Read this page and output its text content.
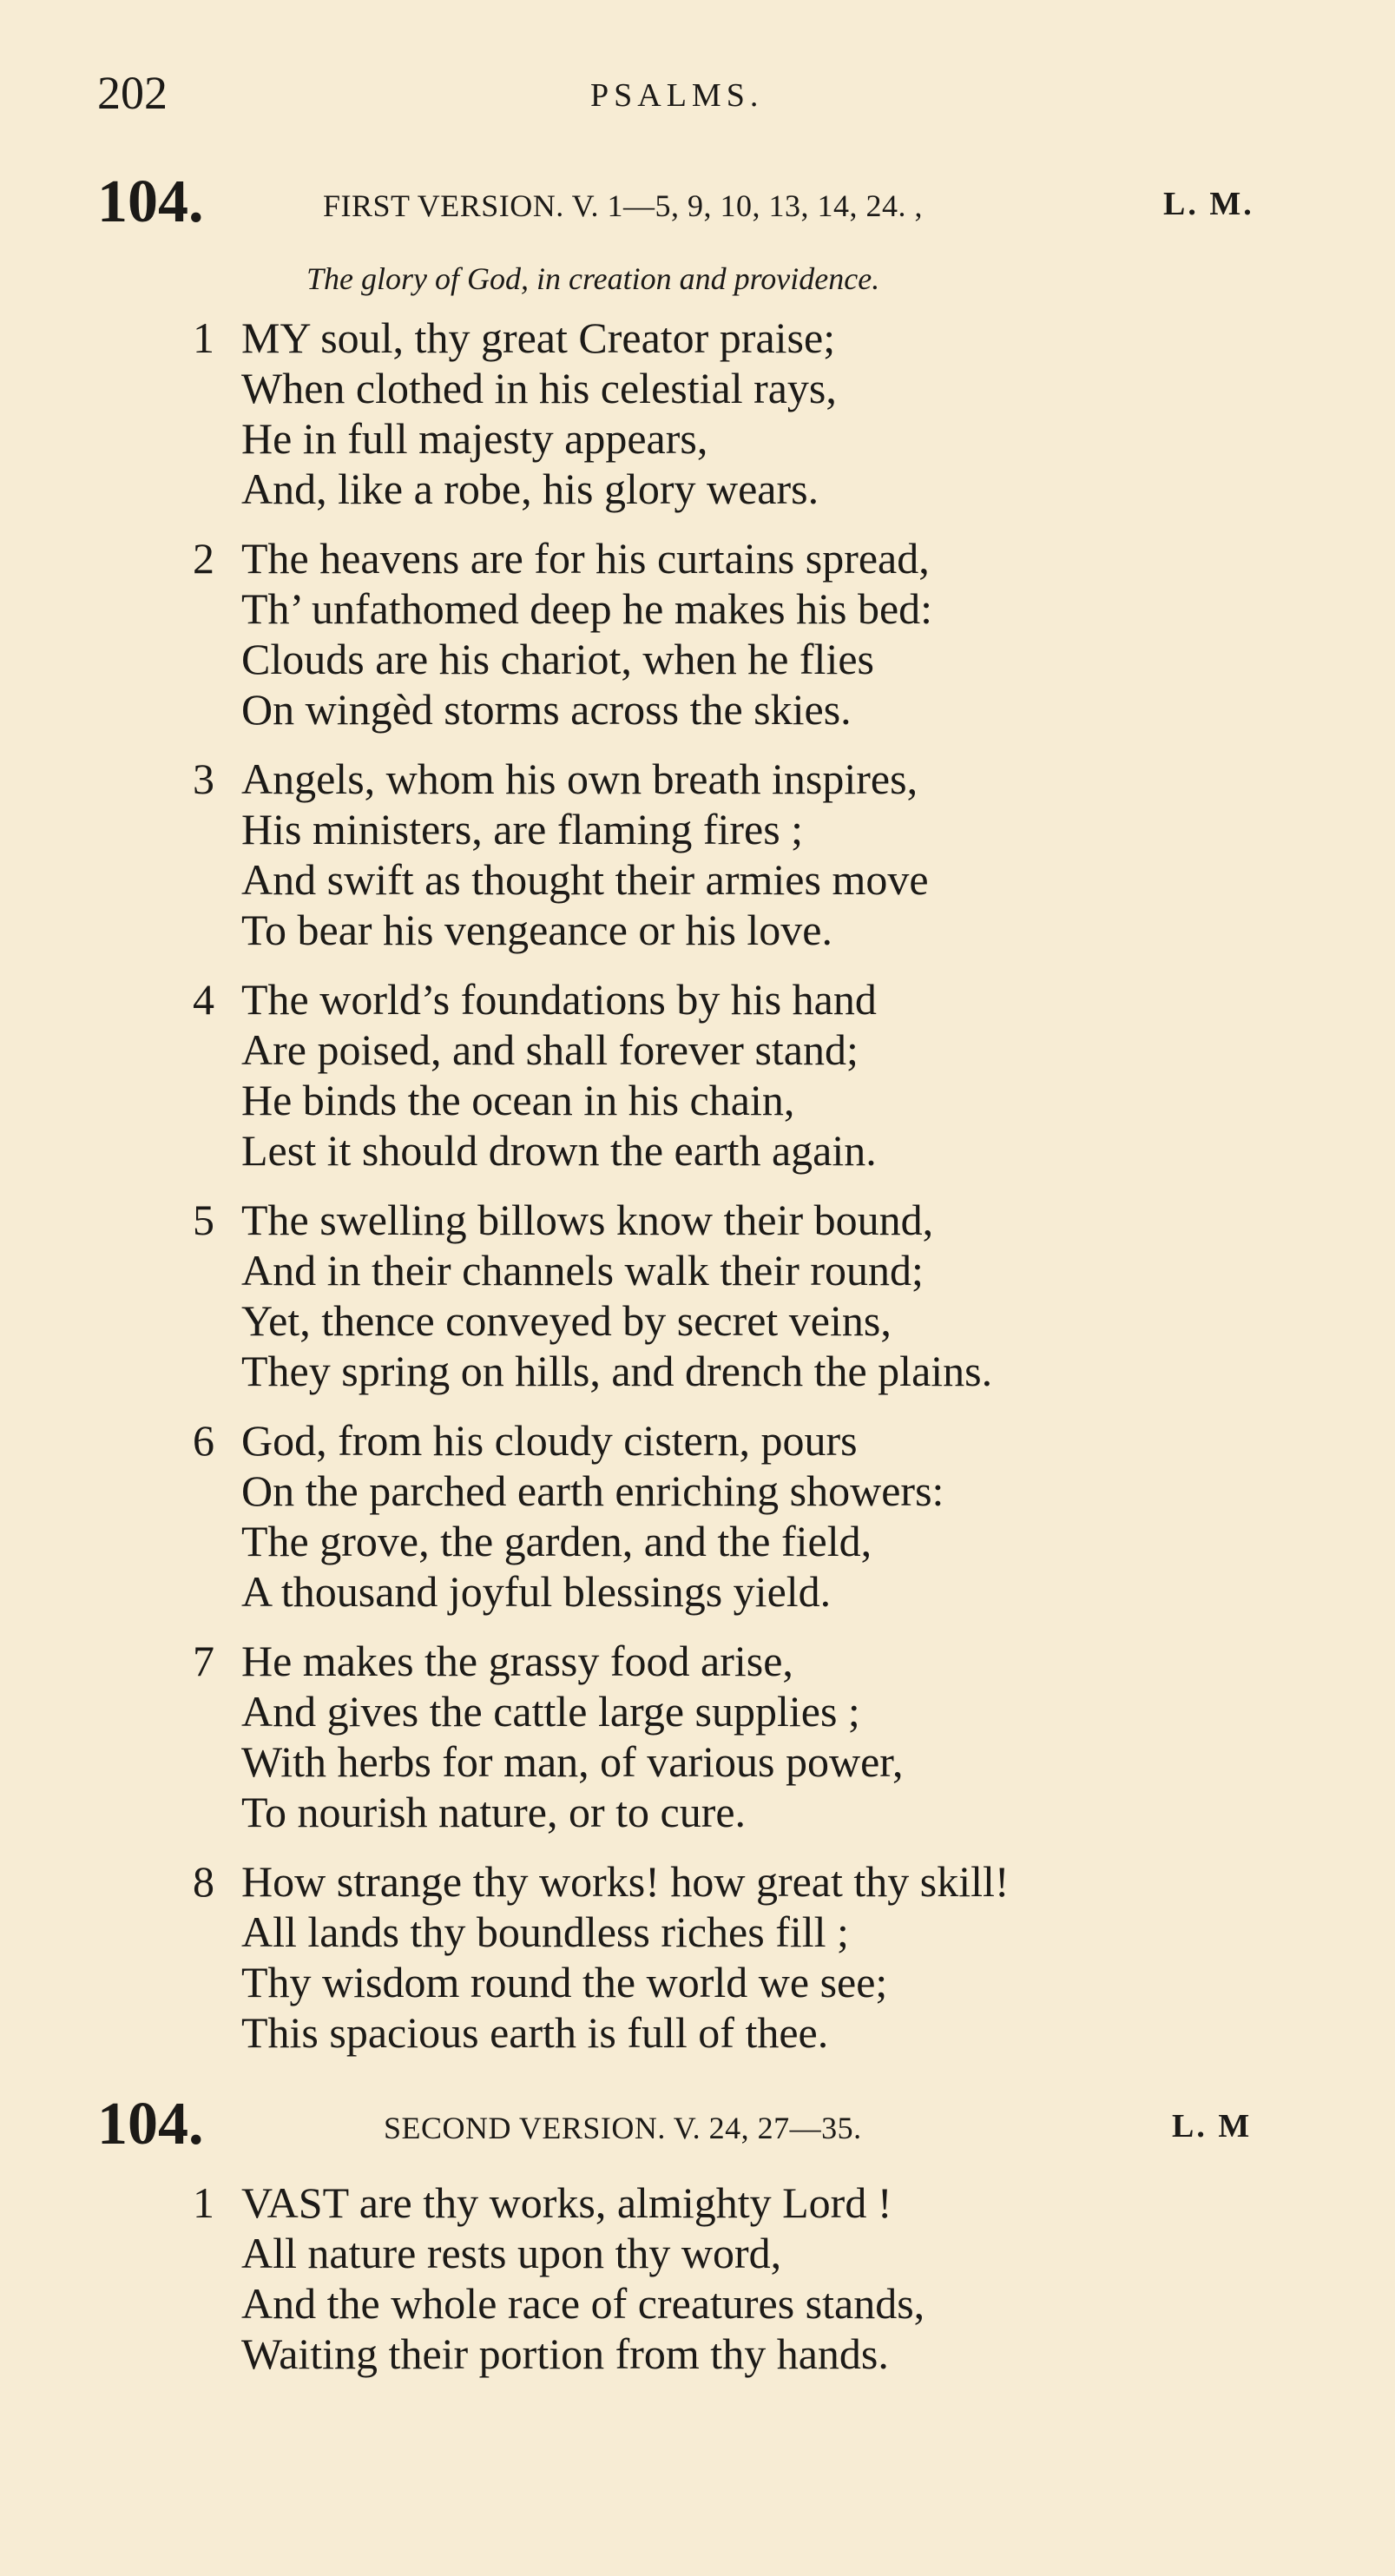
202	PSALMS.
104.	FIRST VERSION. V. 1—5, 9, 10, 13, 14, 24. ,	L. M.
The glory of God, in creation and providence.
1 MY soul, thy great Creator praise;
When clothed in his celestial rays,
He in full majesty appears,
And, like a robe, his glory wears.
2 The heavens are for his curtains spread,
Th’ unfathomed deep he makes his bed:
Clouds are his chariot, when he flies
On wingèd storms across the skies.
3 Angels, whom his own breath inspires,
His ministers, are flaming fires ;
And swift as thought their armies move
To bear his vengeance or his love.
4 The world’s foundations by his hand
Are poised, and shall forever stand;
He binds the ocean in his chain,
Lest it should drown the earth again.
5 The swelling billows know their bound,
And in their channels walk their round;
Yet, thence conveyed by secret veins,
They spring on hills, and drench the plains.
6 God, from his cloudy cistern, pours
On the parched earth enriching showers:
The grove, the garden, and the field,
A thousand joyful blessings yield.
7 He makes the grassy food arise,
And gives the cattle large supplies ;
With herbs for man, of various power,
To nourish nature, or to cure.
8 How strange thy works! how great thy skill!
All lands thy boundless riches fill ;
Thy wisdom round the world we see;
This spacious earth is full of thee.
104.	SECOND VERSION. V. 24, 27—35.	L. M
1 VAST are thy works, almighty Lord !
All nature rests upon thy word,
And the whole race of creatures stands,
Waiting their portion from thy hands.
